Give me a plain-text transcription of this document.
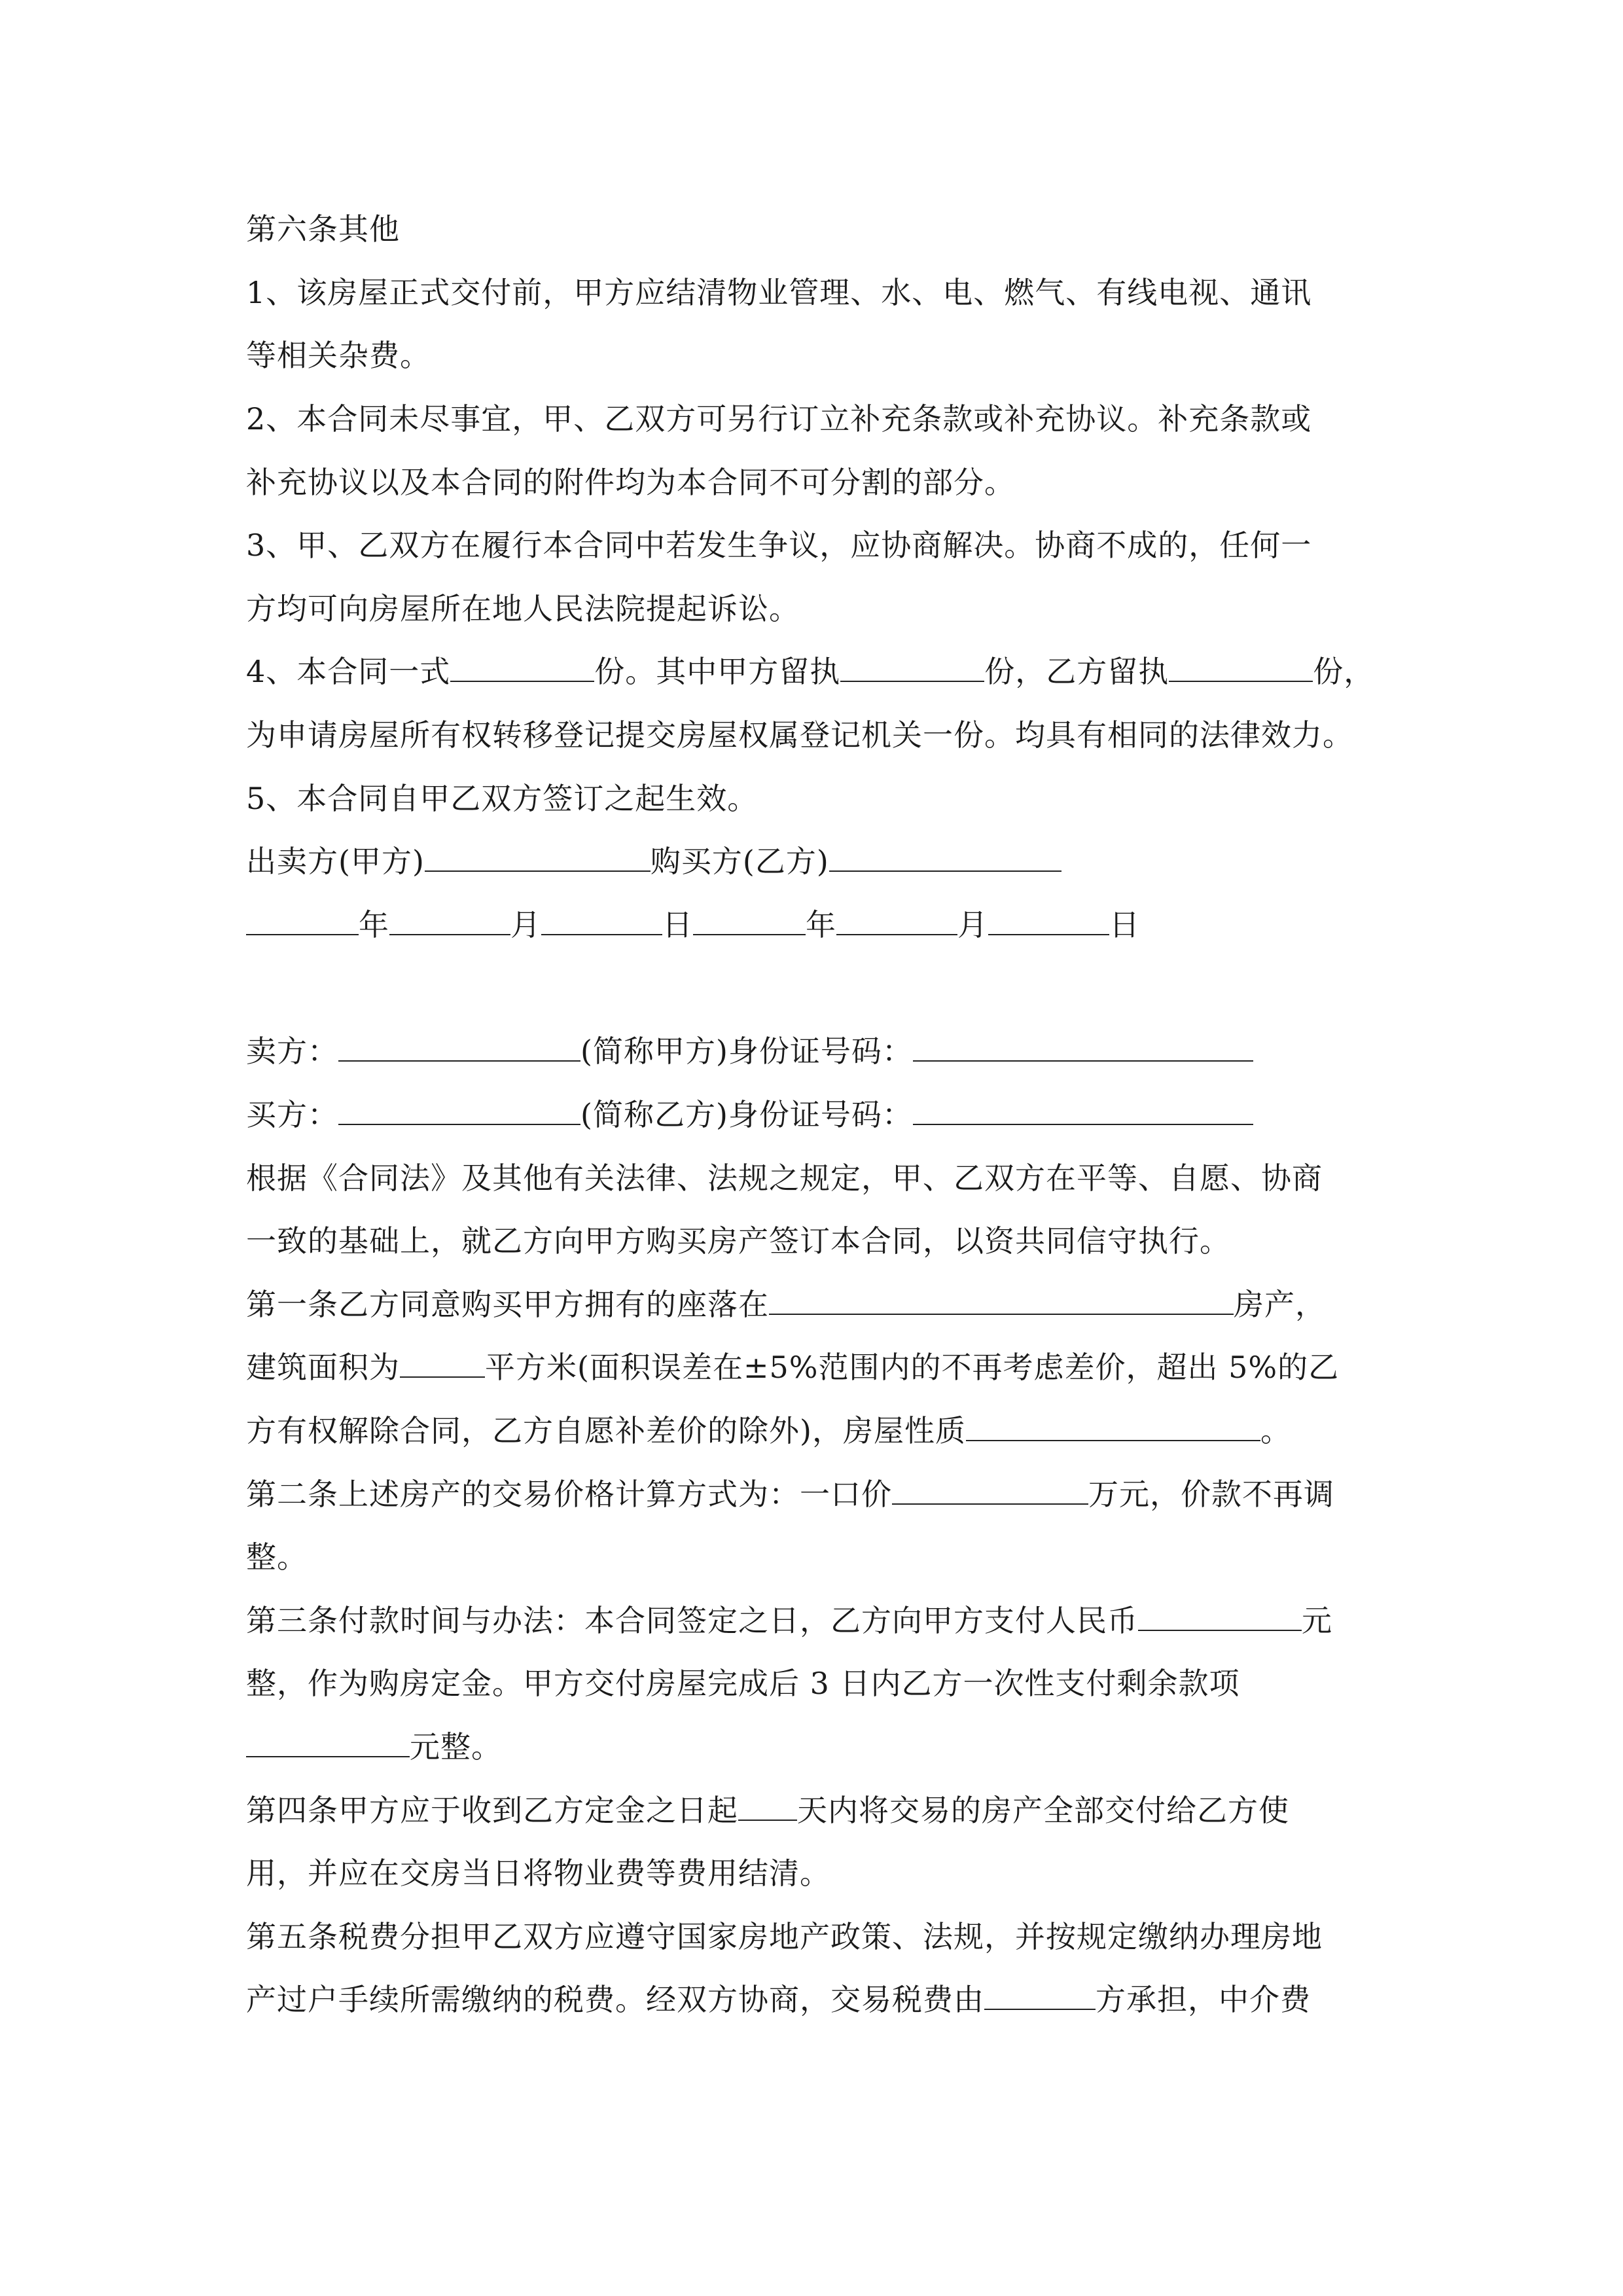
第六条其他
1、该房屋正式交付前，甲方应结清物业管理、水、电、燃气、有线电视、通讯
等相关杂费。
2、本合同未尽事宜，甲、乙双方可另行订立补充条款或补充协议。补充条款或
补充协议以及本合同的附件均为本合同不可分割的部分。
3、甲、乙双方在履行本合同中若发生争议，应协商解决。协商不成的，任何一
方均可向房屋所在地人民法院提起诉讼。
4、本合同一式	份。其中甲方留执	份，乙方留执	份，
为申请房屋所有权转移登记提交房屋权属登记机关一份。均具有相同的法律效力。
5、本合同自甲乙双方签订之起生效。
出卖方(甲方)	购买方(乙方)
年	月	日	年	月	日
卖方：	(简称甲方)身份证号码：
买方：	(简称乙方)身份证号码：
根据《合同法》及其他有关法律、法规之规定，甲、乙双方在平等、自愿、协商
一致的基础上，就乙方向甲方购买房产签订本合同，以资共同信守执行。
第一条乙方同意购买甲方拥有的座落在	房产，
建筑面积为	平方米(面积误差在±5%范围内的不再考虑差价，超出 5%的乙
方有权解除合同，乙方自愿补差价的除外)，房屋性质	。
第二条上述房产的交易价格计算方式为：一口价	万元，价款不再调
整。
第三条付款时间与办法：本合同签定之日，乙方向甲方支付人民币	元
整，作为购房定金。甲方交付房屋完成后 3 日内乙方一次性支付剩余款项
元整。
第四条甲方应于收到乙方定金之日起 天内将交易的房产全部交付给乙方使
用，并应在交房当日将物业费等费用结清。
第五条税费分担甲乙双方应遵守国家房地产政策、法规，并按规定缴纳办理房地
产过户手续所需缴纳的税费。经双方协商，交易税费由	方承担，中介费
